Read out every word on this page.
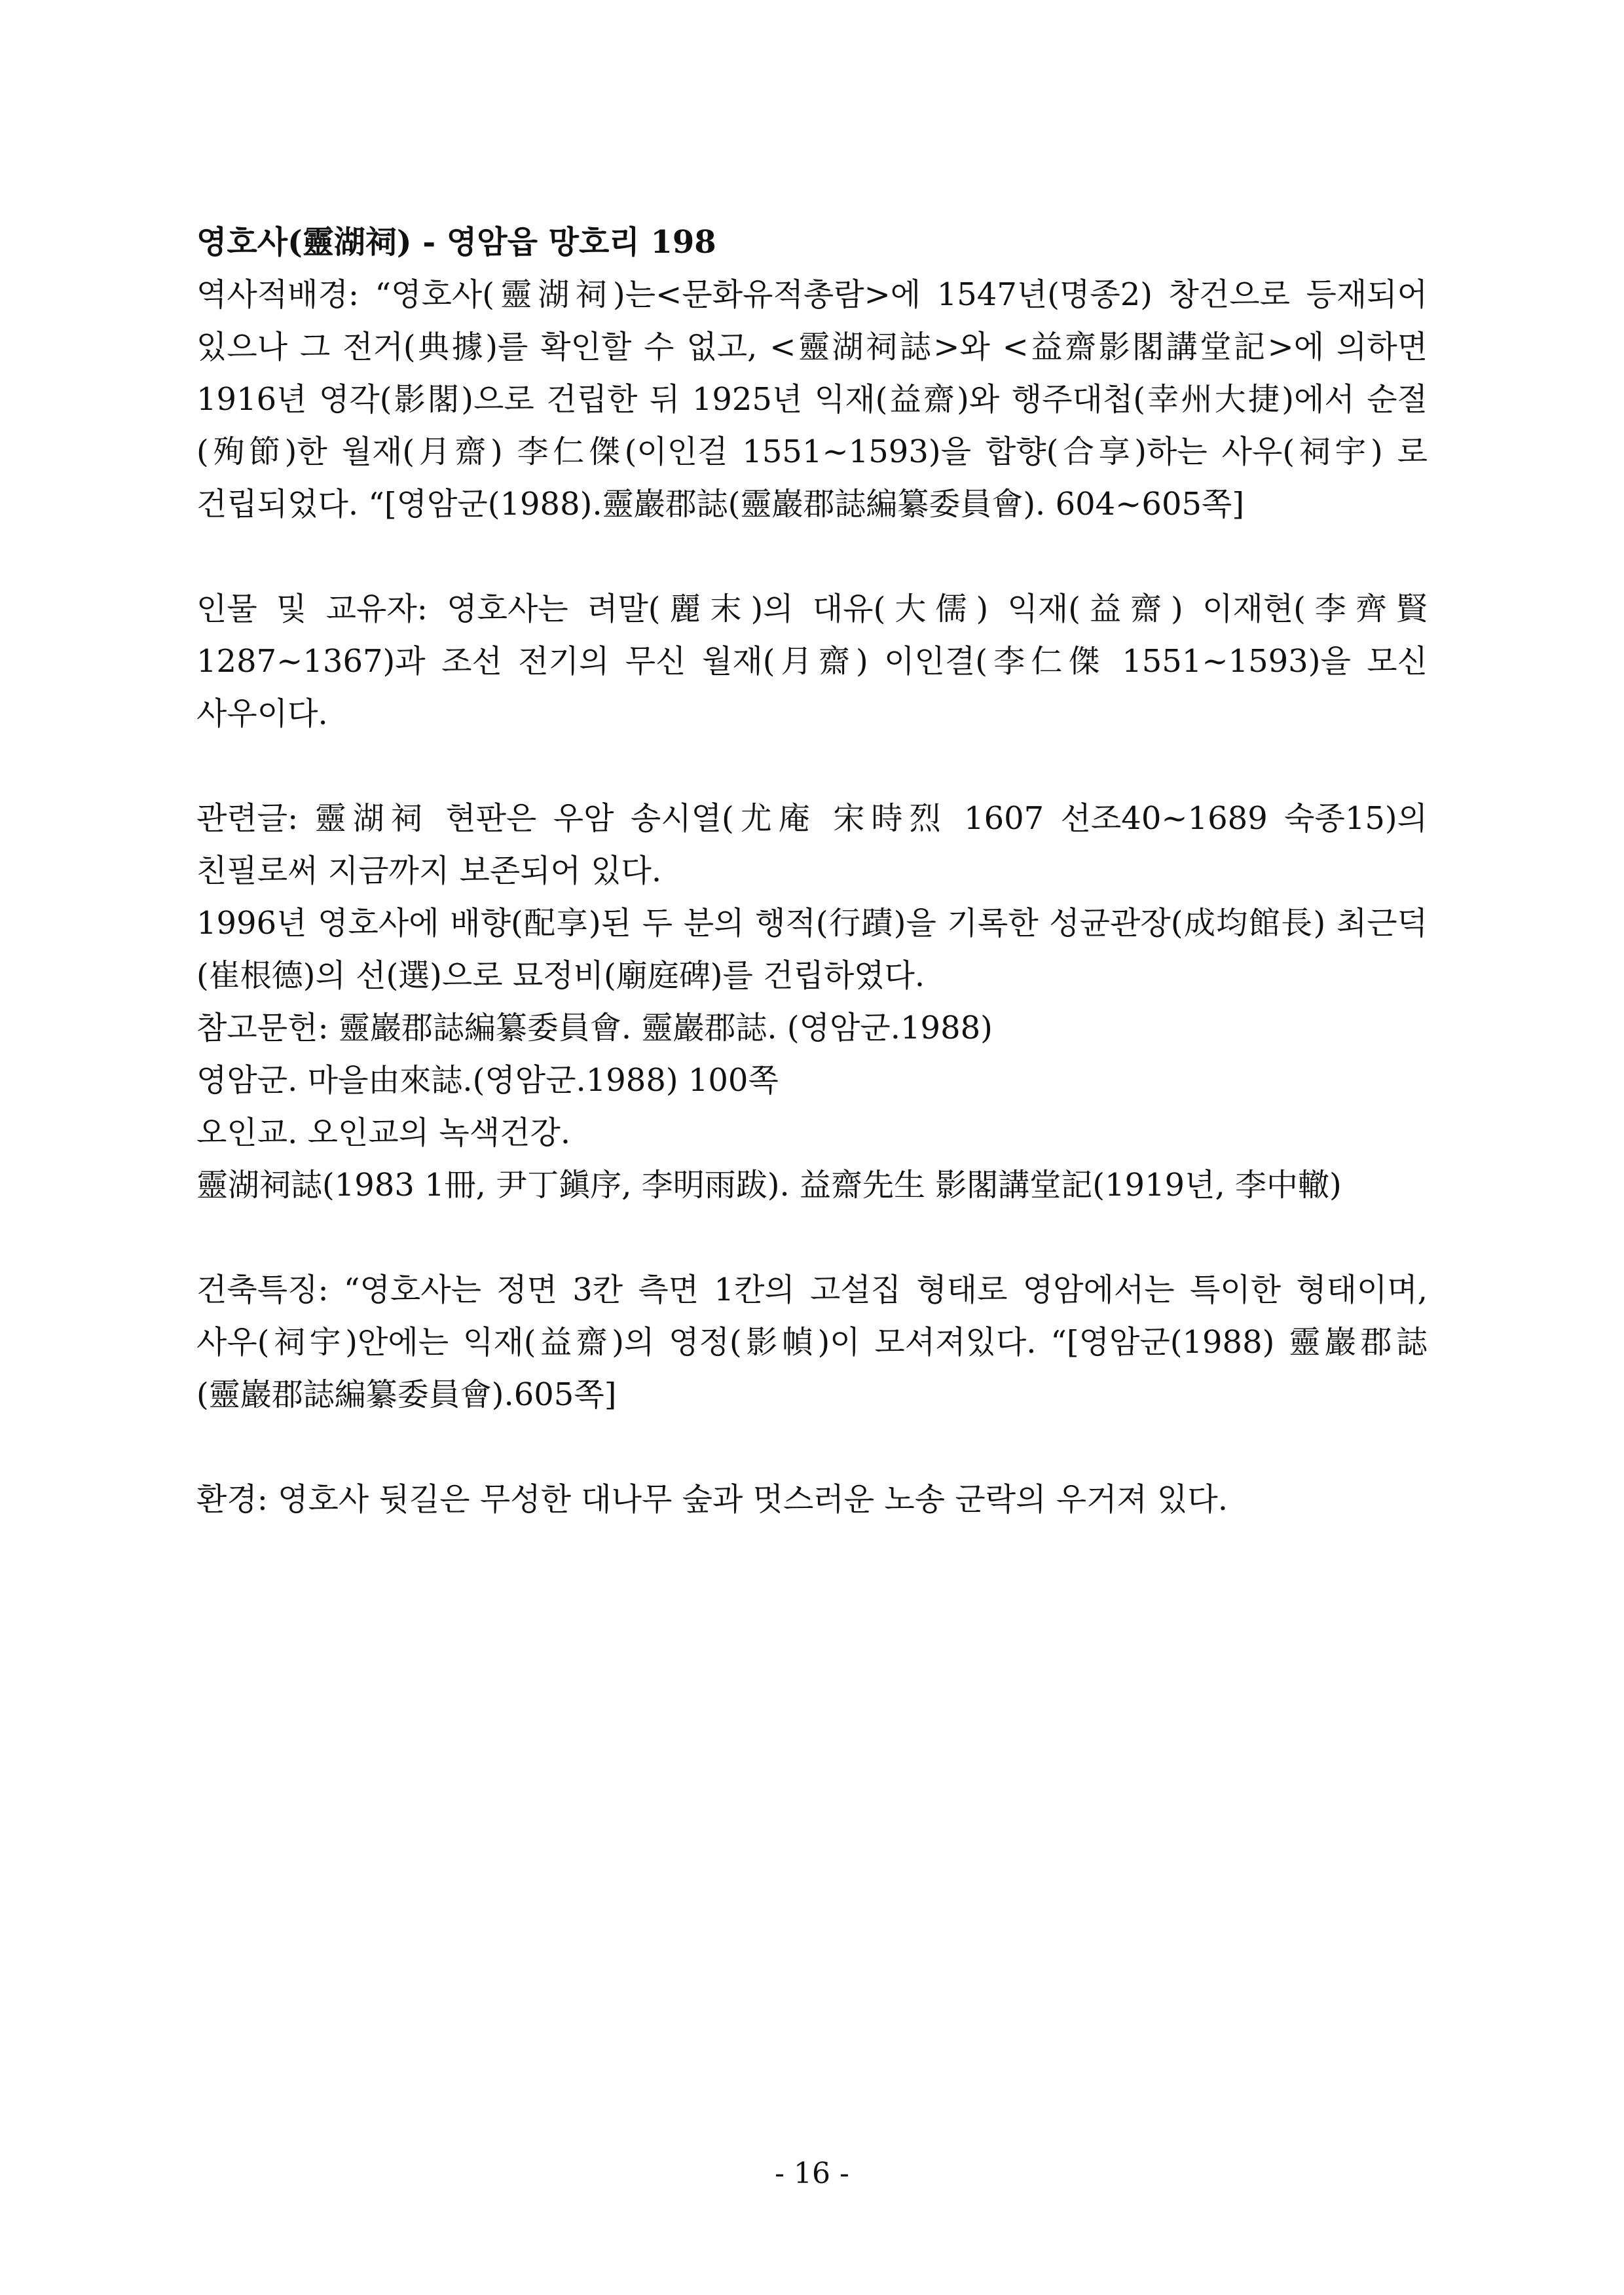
영호사(靈湖祠) - 영암읍 망호리 198

역사적배경: “영호사(靈湖祠)는<문화유적총람>에 1547년(명종2) 창건으로 등재되어 있으나 그 전거(典據)를 확인할 수 없고, <靈湖祠誌>와 <益齋影閣講堂記>에 의하면 1916년 영각(影閣)으로 건립한 뒤 1925년 익재(益齋)와 행주대첩(幸州大捷)에서 순절(殉節)한 월재(月齋) 李仁傑(이인걸 1551~1593)을 합향(合享)하는 사우(祠宇) 로 건립되었다. “[영암군(1988).靈巖郡誌(靈巖郡誌編纂委員會). 604~605쪽]

인물 및 교유자: 영호사는 려말(麗末)의 대유(大儒) 익재(益齋) 이재현(李齊賢 1287~1367)과 조선 전기의 무신 월재(月齋) 이인결(李仁傑 1551~1593)을 모신 사우이다.

관련글: 靈湖祠 현판은 우암 송시열(尤庵 宋時烈 1607 선조40~1689 숙종15)의 친필로써 지금까지 보존되어 있다.

1996년 영호사에 배향(配享)된 두 분의 행적(行蹟)을 기록한 성균관장(成均館長) 최근덕(崔根德)의 선(選)으로 묘정비(廟庭碑)를 건립하였다.

참고문헌: 靈巖郡誌編纂委員會. 靈巖郡誌. (영암군.1988)

영암군. 마을由來誌.(영암군.1988) 100쪽

오인교. 오인교의 녹색건강.

靈湖祠誌(1983 1冊, 尹丁鎭序, 李明雨跋). 益齋先生 影閣講堂記(1919년, 李中轍)

건축특징: “영호사는 정면 3칸 측면 1칸의 고설집 형태로 영암에서는 특이한 형태이며, 사우(祠宇)안에는 익재(益齋)의 영정(影幀)이 모셔져있다. “[영암군(1988) 靈巖郡誌 (靈巖郡誌編纂委員會).605쪽]

환경: 영호사 뒷길은 무성한 대나무 숲과 멋스러운 노송 군락의 우거져 있다.

- 16 -
